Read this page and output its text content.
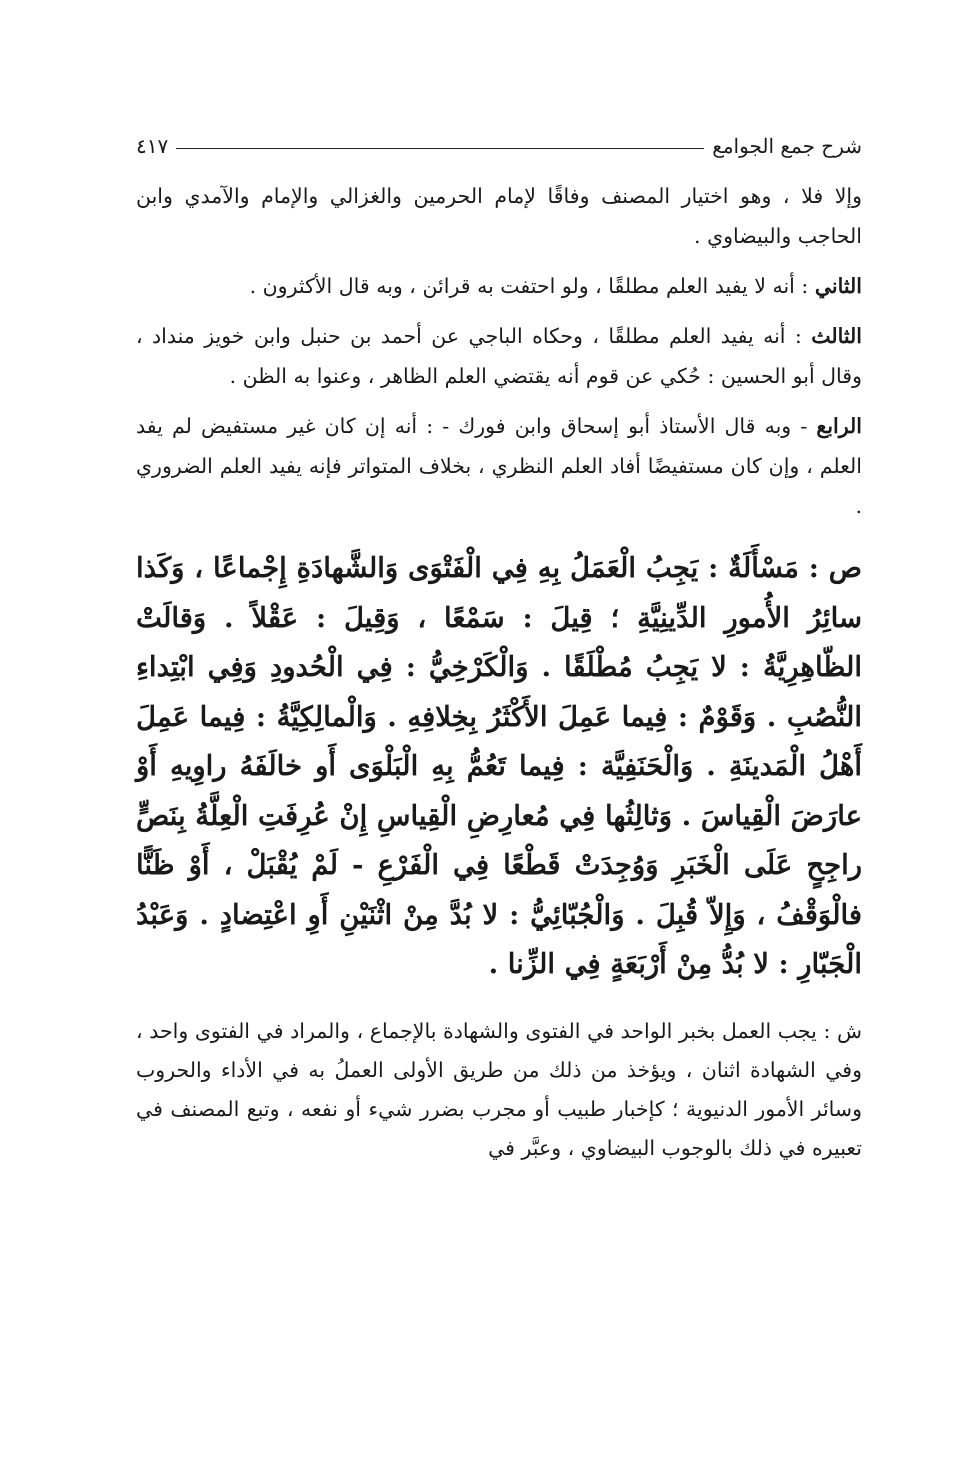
شرح جمع الجوامع
٤١٧

وإلا فلا ، وهو اختيار المصنف وفاقًا لإمام الحرمين والغزالي والإمام والآمدي وابن الحاجب والبيضاوي .

الثاني : أنه لا يفيد العلم مطلقًا ، ولو احتفت به قرائن ، وبه قال الأكثرون .

الثالث : أنه يفيد العلم مطلقًا ، وحكاه الباجي عن أحمد بن حنبل وابن خويز منداد ، وقال أبو الحسين : حُكي عن قوم أنه يقتضي العلم الظاهر ، وعنوا به الظن .

الرابع - وبه قال الأستاذ أبو إسحاق وابن فورك - : أنه إن كان غير مستفيض لم يفد العلم ، وإن كان مستفيضًا أفاد العلم النظري ، بخلاف المتواتر فإنه يفيد العلم الضروري .

ص : مَسْأَلَةٌ : يَجِبُ الْعَمَلُ بِهِ فِي الْفَتْوَى وَالشَّهادَةِ إِجْماعًا ، وَكَذا سائِرُ الأُمورِ الدِّينِيَّةِ ؛ قِيلَ : سَمْعًا ، وَقِيلَ : عَقْلاً . وَقالَتْ الظّاهِرِيَّةُ : لا يَجِبُ مُطْلَقًا . وَالْكَرْخِيُّ : فِي الْحُدودِ وَفِي ابْتِداءِ النُّصُبِ . وَقَوْمٌ : فِيما عَمِلَ الأَكْثَرُ بِخِلافِهِ . وَالْمالِكِيَّةُ : فِيما عَمِلَ أَهْلُ الْمَدينَةِ . وَالْحَنَفِيَّة : فِيما تَعُمُّ بِهِ الْبَلْوَى أَو خالَفَهُ راوِيهِ أَوْ عارَضَ الْقِياسَ . وَثالِثُها فِي مُعارِضِ الْقِياسِ إِنْ عُرِفَتِ الْعِلَّةُ بِنَصٍّ راجِحٍ عَلَى الْخَبَرِ وَوُجِدَتْ قَطْعًا فِي الْفَرْعِ - لَمْ يُقْبَلْ ، أَوْ ظَنًّا فالْوَقْفُ ، وَإِلاّ قُبِلَ . وَالْجُبّائِيُّ : لا بُدَّ مِنْ اثْنَيْنِ أَوِ اعْتِضادٍ . وَعَبْدُ الْجَبّارِ : لا بُدُّ مِنْ أَرْبَعَةٍ فِي الزِّنا .

ش : يجب العمل بخبر الواحد في الفتوى والشهادة بالإجماع ، والمراد في الفتوى واحد ، وفي الشهادة اثنان ، ويؤخذ من ذلك من طريق الأولى العملُ به في الأداء والحروب وسائر الأمور الدنيوية ؛ كإخبار طبيب أو مجرب بضرر شيء أو نفعه ، وتبع المصنف في تعبيره في ذلك بالوجوب البيضاوي ، وعبَّر في
